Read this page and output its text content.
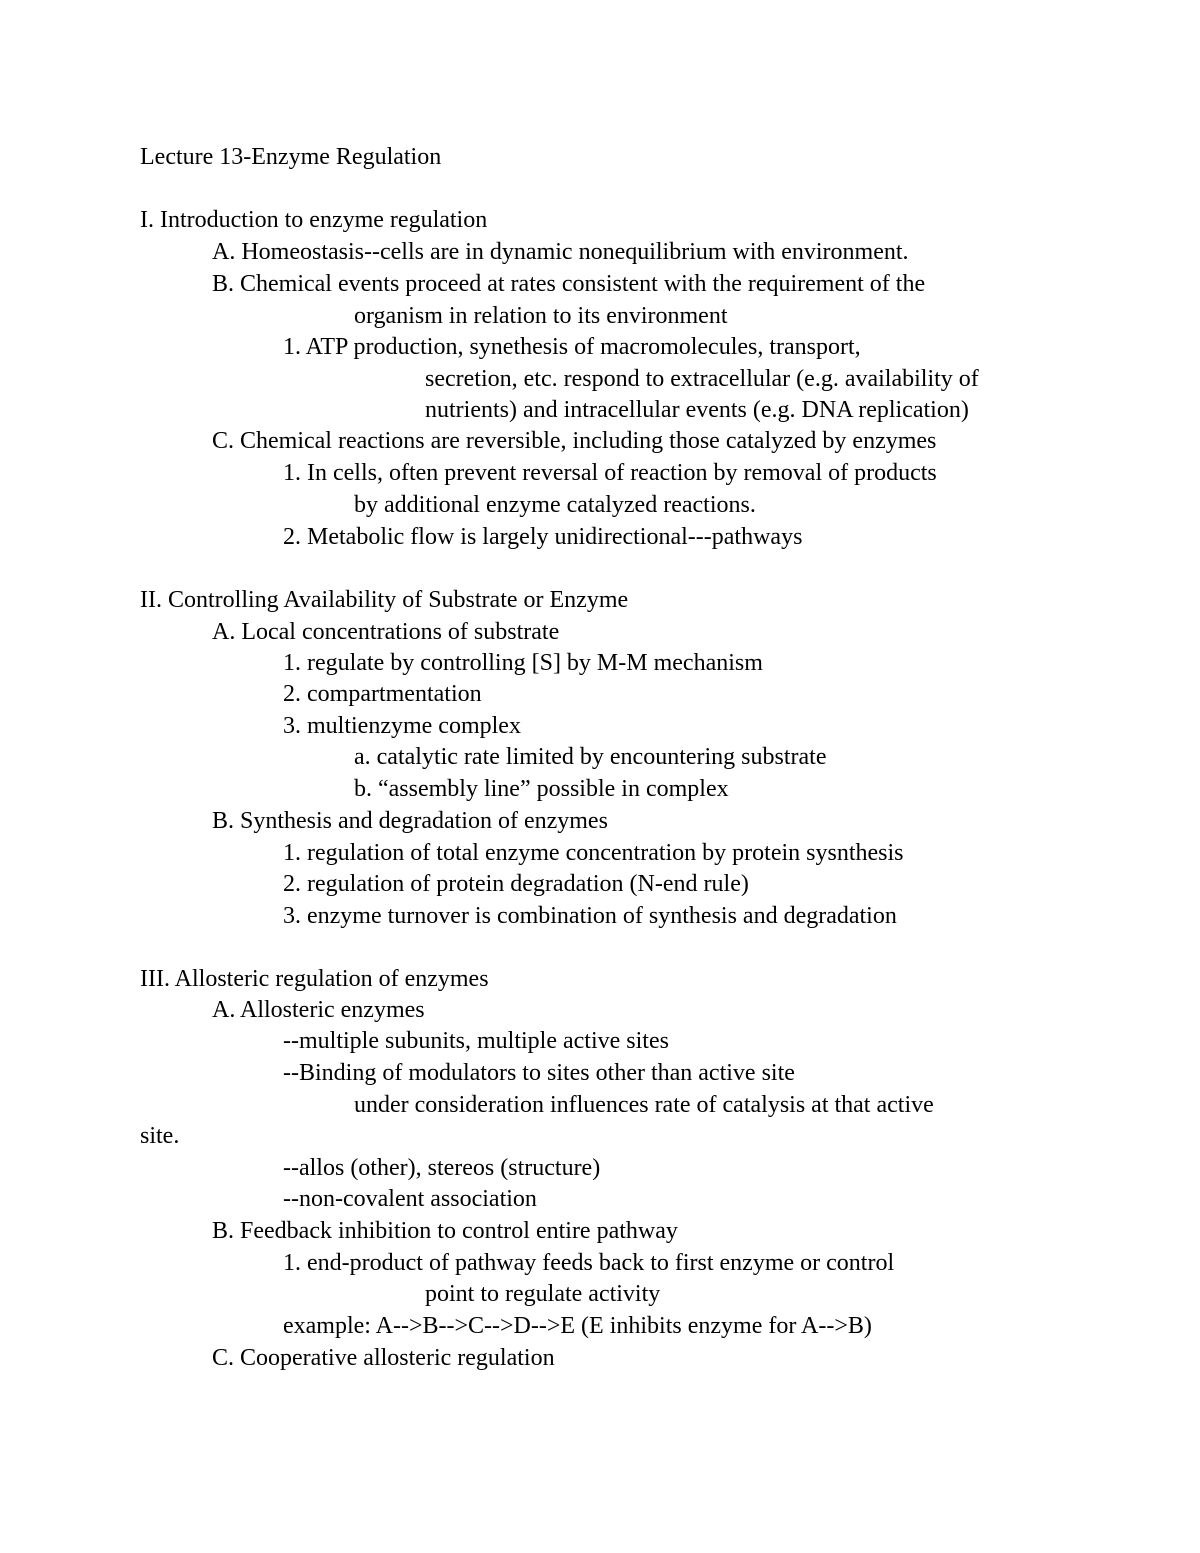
Lecture 13-Enzyme Regulation
I. Introduction to enzyme regulation
A. Homeostasis--cells are in dynamic nonequilibrium with environment.
B. Chemical events proceed at rates consistent with the requirement of the
organism in relation to its environment
1. ATP production, synethesis of macromolecules, transport,
secretion, etc. respond to extracellular (e.g. availability of
nutrients) and intracellular events (e.g. DNA replication)
C. Chemical reactions are reversible, including those catalyzed by enzymes
1. In cells, often prevent reversal of reaction by removal of products
by additional enzyme catalyzed reactions.
2. Metabolic flow is largely unidirectional---pathways
II. Controlling Availability of Substrate or Enzyme
A. Local concentrations of substrate
1. regulate by controlling [S] by M-M mechanism
2. compartmentation
3. multienzyme complex
a. catalytic rate limited by encountering substrate
b. “assembly line” possible in complex
B. Synthesis and degradation of enzymes
1. regulation of total enzyme concentration by protein sysnthesis
2. regulation of protein degradation (N-end rule)
3. enzyme turnover is combination of synthesis and degradation
III. Allosteric regulation of enzymes
A. Allosteric enzymes
--multiple subunits, multiple active sites
--Binding of modulators to sites other than active site
under consideration influences rate of catalysis at that active
site.
--allos (other), stereos (structure)
--non-covalent association
B. Feedback inhibition to control entire pathway
1. end-product of pathway feeds back to first enzyme or control
point to regulate activity
example: A-->B-->C-->D-->E (E inhibits enzyme for A-->B)
C. Cooperative allosteric regulation
